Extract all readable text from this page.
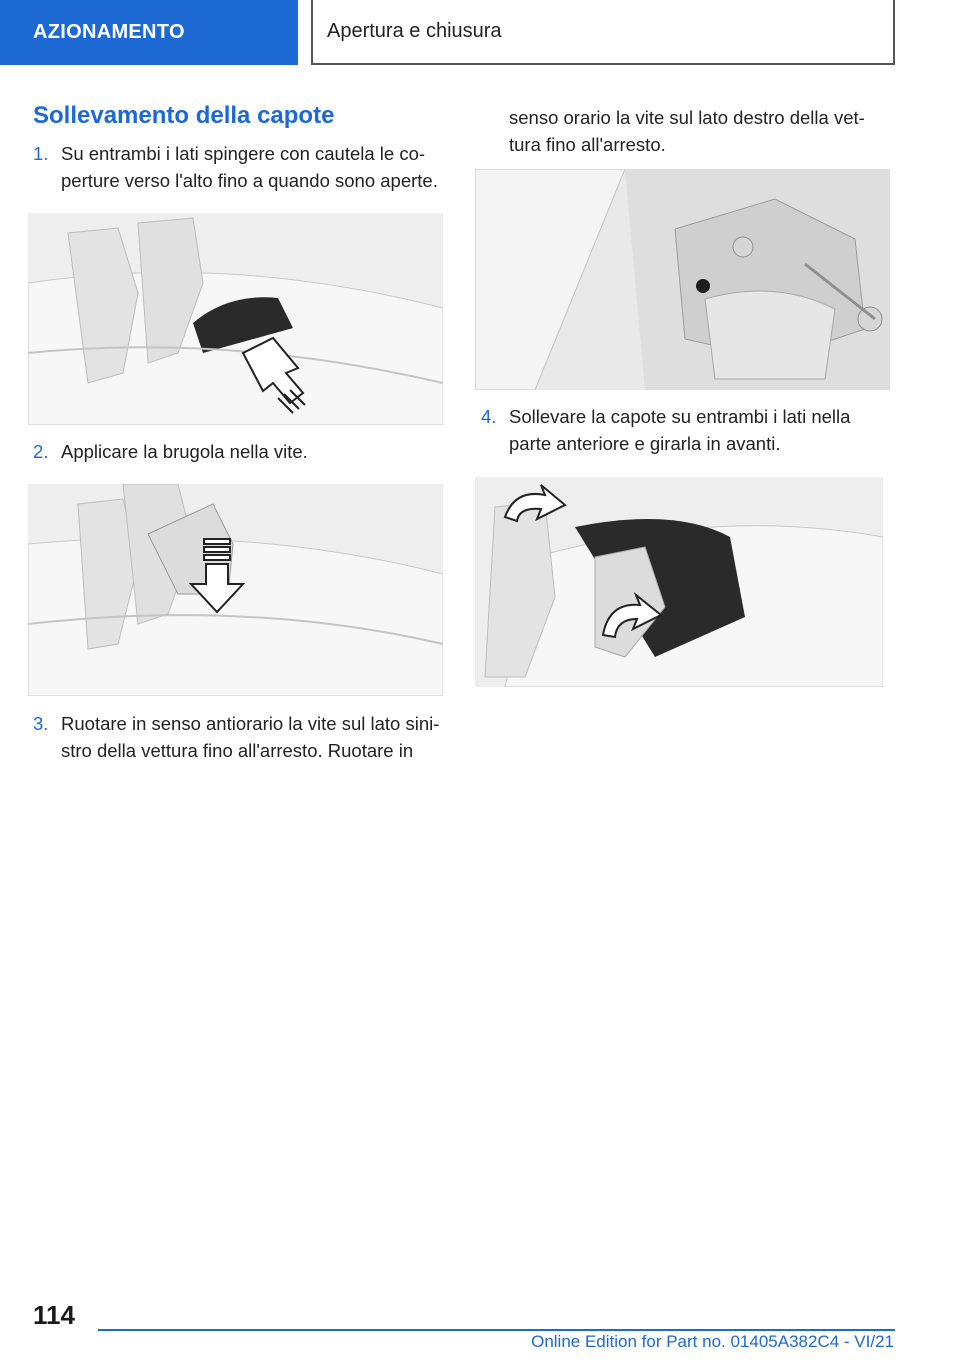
AZIONAMENTO	Apertura e chiusura
Sollevamento della capote
1. Su entrambi i lati spingere con cautela le co-perture verso l'alto fino a quando sono aperte.
2. Applicare la brugola nella vite.
3. Ruotare in senso antiorario la vite sul lato sini-stro della vettura fino all'arresto. Ruotare in
senso orario la vite sul lato destro della vet-tura fino all'arresto.
4. Sollevare la capote su entrambi i lati nella parte anteriore e girarla in avanti.
114
Online Edition for Part no. 01405A382C4 - VI/21
